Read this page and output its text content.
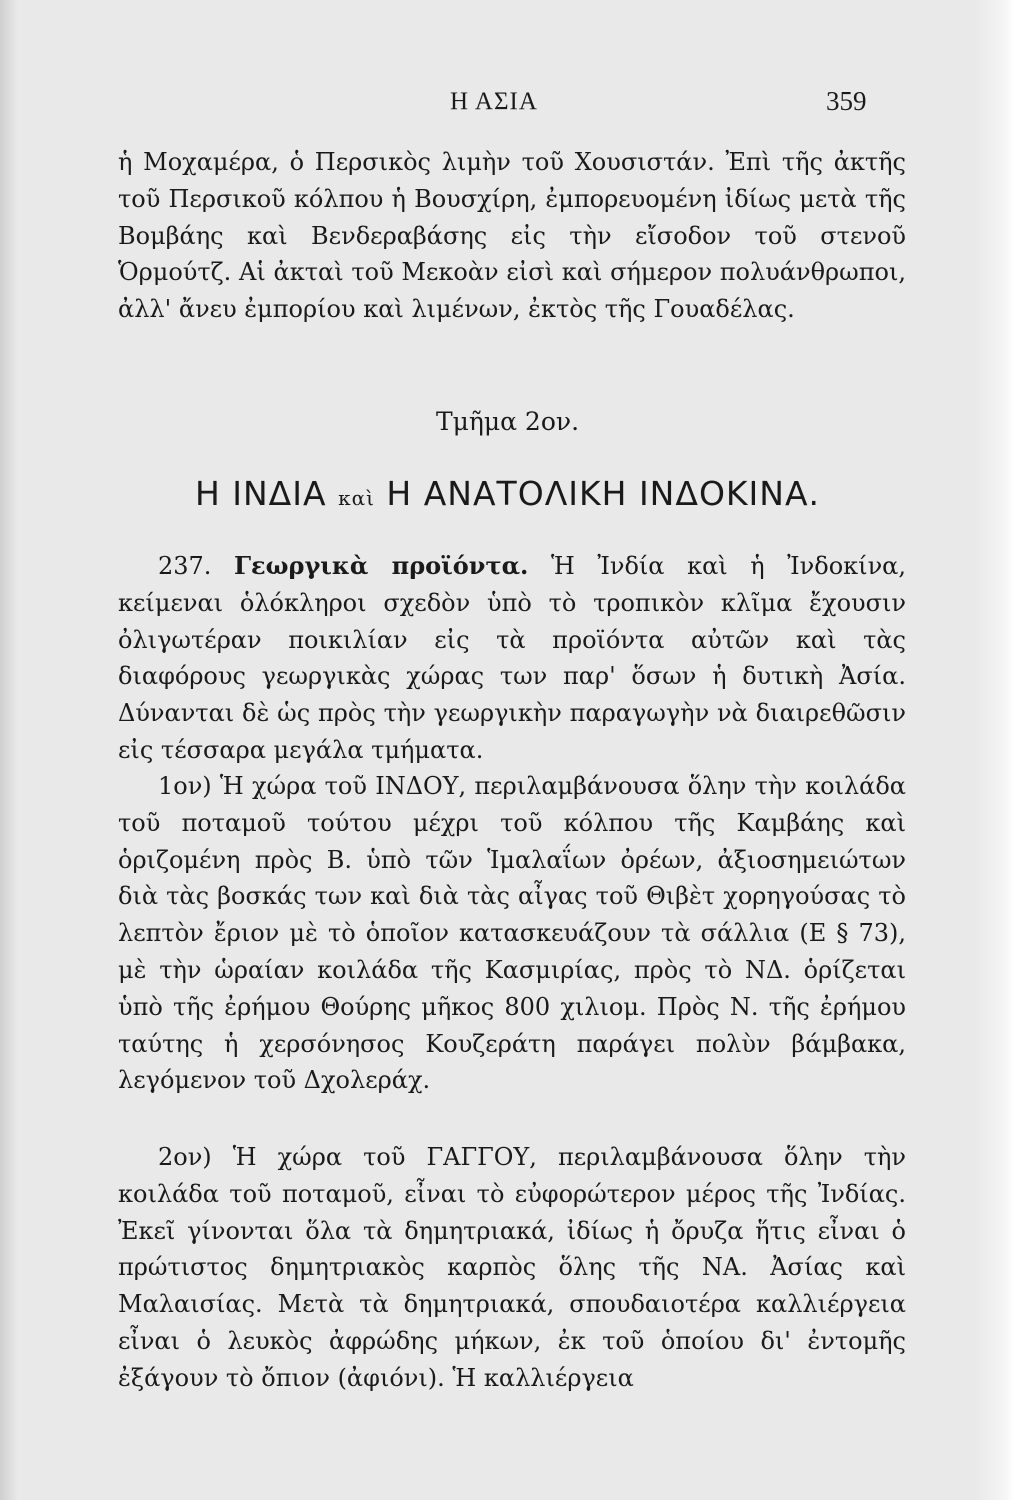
Η ΑΣΙΑ	359
ἡ Μοχαμέρα, ὁ Περσικὸς λιμὴν τοῦ Χουσιστάν. Ἐπὶ τῆς ἀκτῆς τοῦ Περσικοῦ κόλπου ἡ Βουσχίρη, ἐμπορευομένη ἰδίως μετὰ τῆς Βομβάης καὶ Βενδεραβάσης εἰς τὴν εἴσοδον τοῦ στενοῦ Ὁρμούτζ. Αἱ ἀκταὶ τοῦ Μεκοὰν εἰσὶ καὶ σήμερον πολυάνθρωποι, ἀλλ' ἄνευ ἐμπορίου καὶ λιμένων, ἐκτὸς τῆς Γουαδέλας.
Τμῆμα 2ον.
Η ΙΝΔΙΑ καὶ Η ΑΝΑΤΟΛΙΚΗ ΙΝΔΟΚΙΝΑ.
237. Γεωργικὰ προϊόντα. Ἡ Ἰνδία καὶ ἡ Ἰνδοκίνα, κείμεναι ὁλόκληροι σχεδὸν ὑπὸ τὸ τροπικὸν κλῖμα ἔχουσιν ὀλιγωτέραν ποικιλίαν εἰς τὰ προϊόντα αὐτῶν καὶ τὰς διαφόρους γεωργικὰς χώρας των παρ' ὅσων ἡ δυτικὴ Ἀσία. Δύνανται δὲ ὡς πρὸς τὴν γεωργικὴν παραγωγὴν νὰ διαιρεθῶσιν εἰς τέσσαρα μεγάλα τμήματα.
1ον) Ἡ χώρα τοῦ ΙΝΔΟΥ, περιλαμβάνουσα ὅλην τὴν κοιλάδα τοῦ ποταμοῦ τούτου μέχρι τοῦ κόλπου τῆς Καμβάης καὶ ὁριζομένη πρὸς Β. ὑπὸ τῶν Ἱμαλαΐων ὀρέων, ἀξιοσημειώτων διὰ τὰς βοσκάς των καὶ διὰ τὰς αἶγας τοῦ Θιβὲτ χορηγούσας τὸ λεπτὸν ἔριον μὲ τὸ ὁποῖον κατασκευάζουν τὰ σάλλια (Ε § 73), μὲ τὴν ὡραίαν κοιλάδα τῆς Κασμιρίας, πρὸς τὸ ΝΔ. ὁρίζεται ὑπὸ τῆς ἐρήμου Θούρης μῆκος 800 χιλιομ. Πρὸς Ν. τῆς ἐρήμου ταύτης ἡ χερσόνησος Κουζεράτη παράγει πολὺν βάμβακα, λεγόμενον τοῦ Δχολεράχ.
2ον) Ἡ χώρα τοῦ ΓΑΓΓΟΥ, περιλαμβάνουσα ὅλην τὴν κοιλάδα τοῦ ποταμοῦ, εἶναι τὸ εὐφορώτερον μέρος τῆς Ἰνδίας. Ἐκεῖ γίνονται ὅλα τὰ δημητριακά, ἰδίως ἡ ὄρυζα ἥτις εἶναι ὁ πρώτιστος δημητριακὸς καρπὸς ὅλης τῆς ΝΑ. Ἀσίας καὶ Μαλαισίας. Μετὰ τὰ δημητριακά, σπουδαιοτέρα καλλιέργεια εἶναι ὁ λευκὸς ἀφρώδης μήκων, ἐκ τοῦ ὁποίου δι' ἐντομῆς ἐξάγουν τὸ ὄπιον (ἀφιόνι). Ἡ καλλιέργεια
